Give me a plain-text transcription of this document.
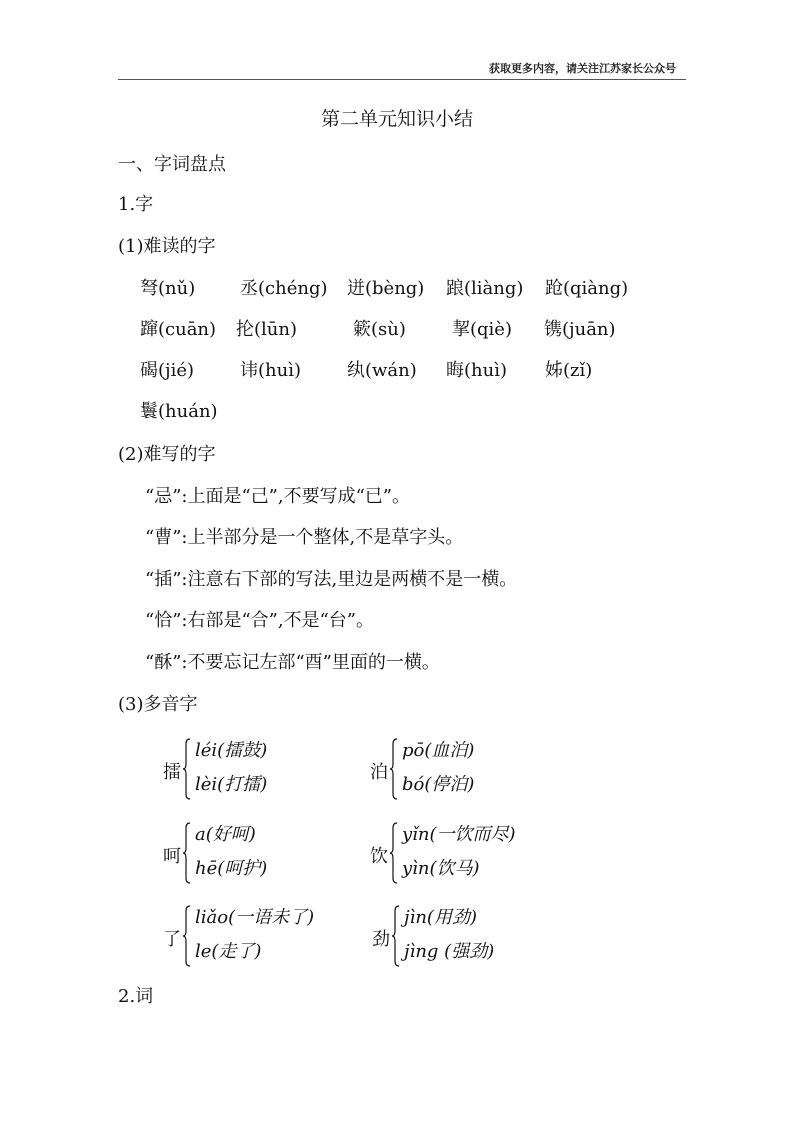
获取更多内容，请关注江苏家长公众号
第二单元知识小结
一、字词盘点
1.字
(1)难读的字
弩(nǔ) 丞(chéng) 迸(bèng) 踉(liàng) 跄(qiàng)
蹿(cuān) 抡(lūn)	簌(sù)	挈(qiè) 镌(juān)
碣(jié)	讳(huì)	纨(wán) 晦(huì) 姊(zǐ)
鬟(huán)
(2)难写的字
“忌”:上面是“己”,不要写成“已”。
“曹”:上半部分是一个整体,不是草字头。
“插”:注意右下部的写法,里边是两横不是一横。
“恰”:右部是“合”,不是“台”。
“酥”:不要忘记左部“酉”里面的一横。
(3)多音字
擂
léi(擂鼓)
lèi(打擂)
泊
pō(血泊)
bó(停泊)
呵
a(好呵)
hē(呵护)
饮
yǐn(一饮而尽)
yìn(饮马)
了
liǎo(一语未了)
le(走了)
劲
jìn(用劲)
jìng (强劲)
2.词
